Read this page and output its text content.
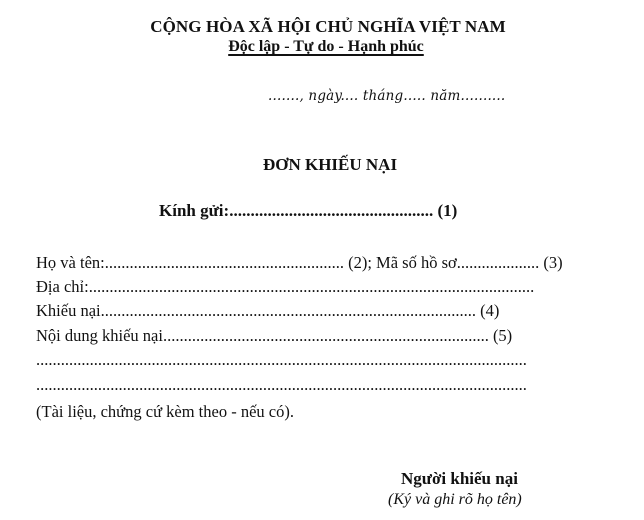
CỘNG HÒA XÃ HỘI CHỦ NGHĨA VIỆT NAM
Độc lập - Tự do - Hạnh phúc
......., ngày.... tháng..... năm..........
ĐƠN KHIẾU NẠI
Kính gửi:................................................ (1)
Họ và tên:.......................................................... (2); Mã số hồ sơ.................... (3)
Địa chỉ:............................................................................................................
Khiếu nại........................................................................................... (4)
Nội dung khiếu nại............................................................................... (5)
.......................................................................................................................
.......................................................................................................................
(Tài liệu, chứng cứ kèm theo - nếu có).
Người khiếu nại
(Ký và ghi rõ họ tên)
